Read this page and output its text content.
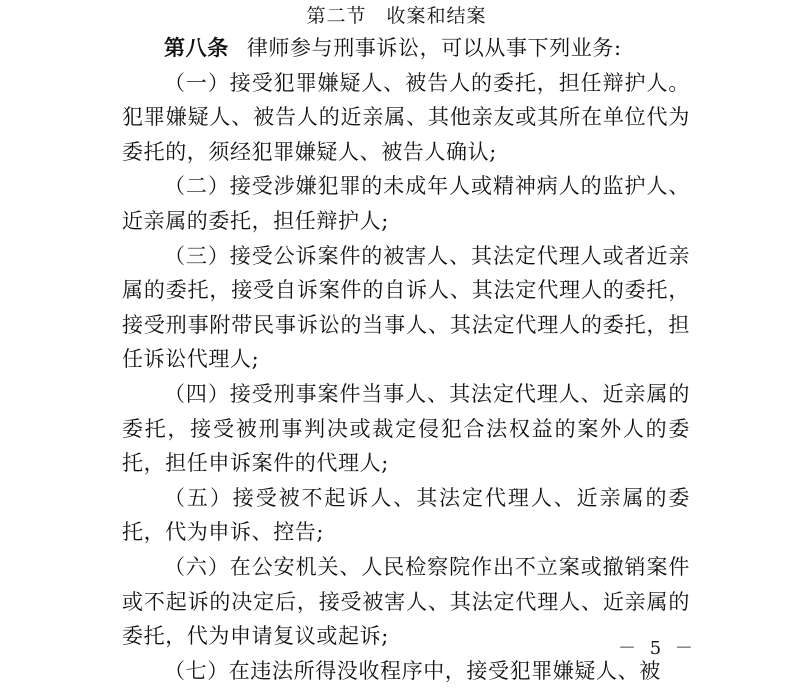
第二节　收案和结案

第八条 律师参与刑事诉讼，可以从事下列业务:

（一）接受犯罪嫌疑人、被告人的委托，担任辩护人。犯罪嫌疑人、被告人的近亲属、其他亲友或其所在单位代为委托的，须经犯罪嫌疑人、被告人确认;

（二）接受涉嫌犯罪的未成年人或精神病人的监护人、近亲属的委托，担任辩护人;

（三）接受公诉案件的被害人、其法定代理人或者近亲属的委托，接受自诉案件的自诉人、其法定代理人的委托，接受刑事附带民事诉讼的当事人、其法定代理人的委托，担任诉讼代理人;

（四）接受刑事案件当事人、其法定代理人、近亲属的委托，接受被刑事判决或裁定侵犯合法权益的案外人的委托，担任申诉案件的代理人;

（五）接受被不起诉人、其法定代理人、近亲属的委托，代为申诉、控告;

（六）在公安机关、人民检察院作出不立案或撤销案件或不起诉的决定后，接受被害人、其法定代理人、近亲属的委托，代为申请复议或起诉;

（七）在违法所得没收程序中，接受犯罪嫌疑人、被

－ 5 －
